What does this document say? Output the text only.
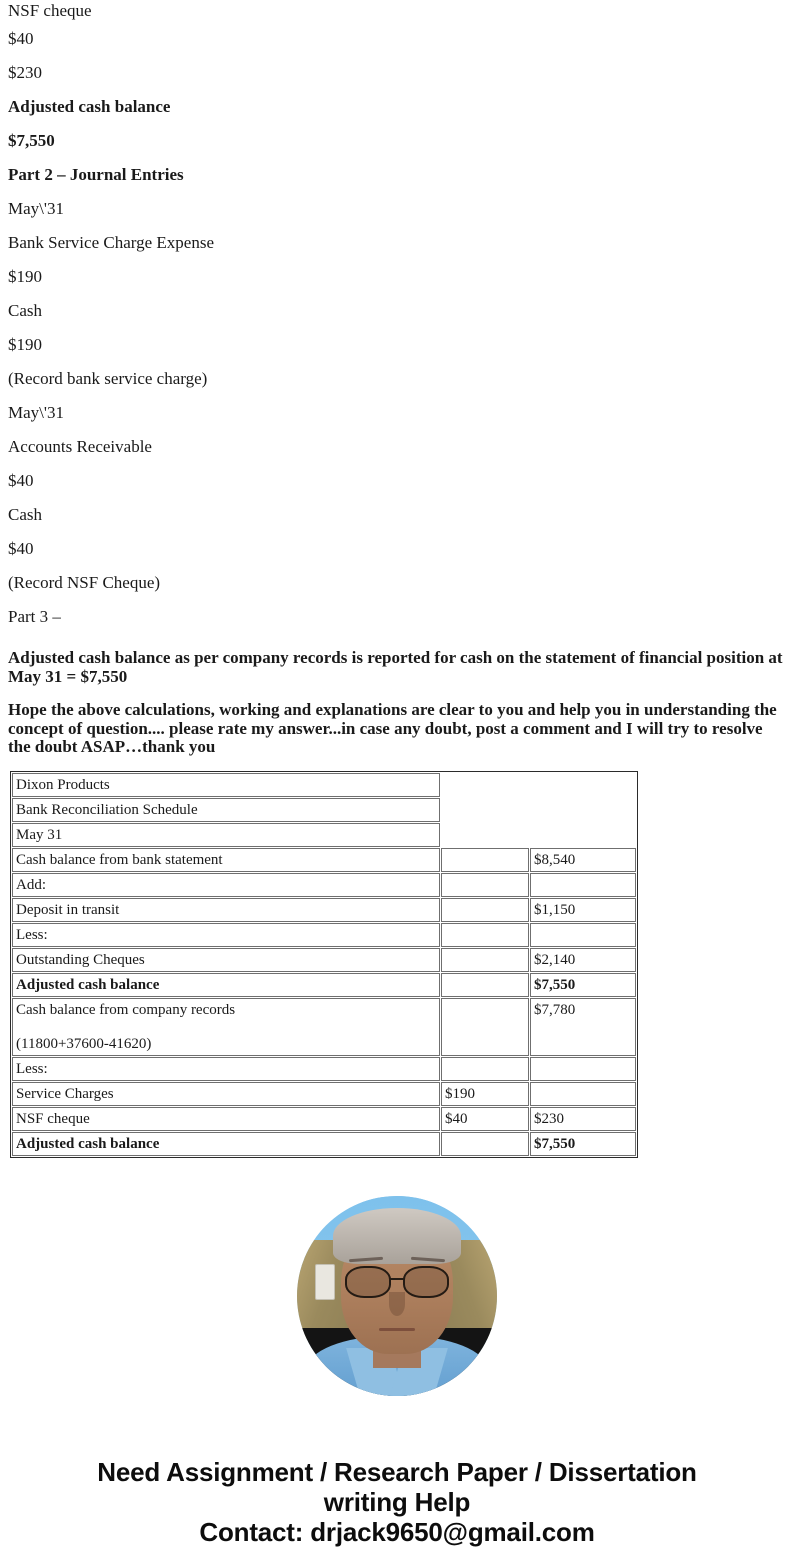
NSF cheque

$40

$230

Adjusted cash balance

$7,550

Part 2 – Journal Entries

May\'31

Bank Service Charge Expense

$190

Cash

$190

(Record bank service charge)

May\'31

Accounts Receivable

$40

Cash

$40

(Record NSF Cheque)

Part 3 –

Adjusted cash balance as per company records is reported for cash on the statement of financial position at May 31 = $7,550

Hope the above calculations, working and explanations are clear to you and help you in understanding the concept of question.... please rate my answer...in case any doubt, post a comment and I will try to resolve the doubt ASAP…thank you

Dixon Products		
Bank Reconciliation Schedule		
May 31		
Cash balance from bank statement		$8,540
Add:		
Deposit in transit		$1,150
Less:		
Outstanding Cheques		$2,140
Adjusted cash balance		$7,550

Cash balance from company records

(11800+37600-41620)		$7,780
Less:		
Service Charges	$190	
NSF cheque	$40	$230
Adjusted cash balance		$7,550

Need Assignment / Research Paper / Dissertation

writing Help

Contact: drjack9650@gmail.com
